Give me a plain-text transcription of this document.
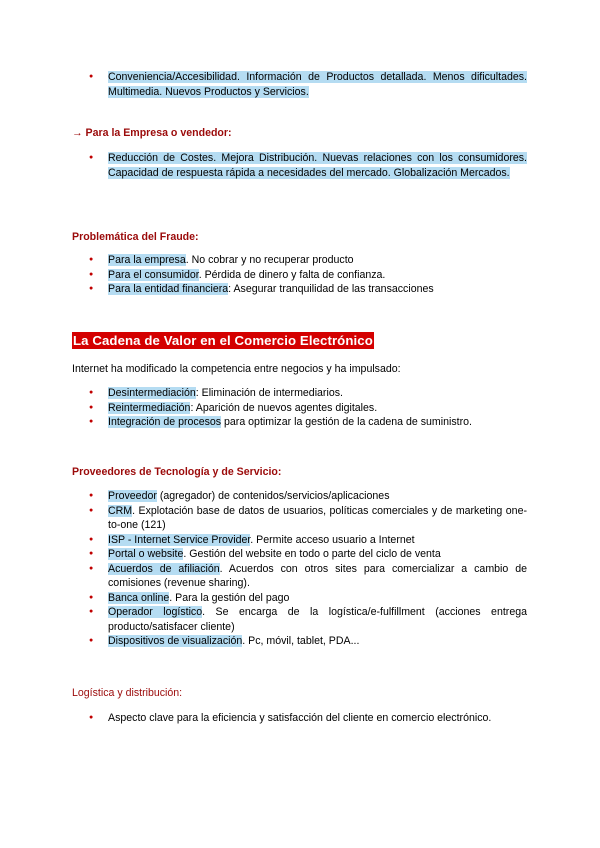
● Conveniencia/Accesibilidad. Información de Productos detallada. Menos dificultades. Multimedia. Nuevos Productos y Servicios.

→ Para la Empresa o vendedor:

● Reducción de Costes. Mejora Distribución. Nuevas relaciones con los consumidores. Capacidad de respuesta rápida a necesidades del mercado. Globalización Mercados.

Problemática del Fraude:

● Para la empresa. No cobrar y no recuperar producto
● Para el consumidor. Pérdida de dinero y falta de confianza.
● Para la entidad financiera: Asegurar tranquilidad de las transacciones
La Cadena de Valor en el Comercio Electrónico

Internet ha modificado la competencia entre negocios y ha impulsado:

● Desintermediación: Eliminación de intermediarios.
● Reintermediación: Aparición de nuevos agentes digitales.
● Integración de procesos para optimizar la gestión de la cadena de suministro.

Proveedores de Tecnología y de Servicio:

● Proveedor (agregador) de contenidos/servicios/aplicaciones
● CRM. Explotación base de datos de usuarios, políticas comerciales y de marketing one-to-one (121)
● ISP - Internet Service Provider. Permite acceso usuario a Internet
● Portal o website. Gestión del website en todo o parte del ciclo de venta
● Acuerdos de afiliación. Acuerdos con otros sites para comercializar a cambio de comisiones (revenue sharing).
● Banca online. Para la gestión del pago
● Operador logístico. Se encarga de la logística/e-fulfillment (acciones entrega producto/satisfacer cliente)
● Dispositivos de visualización. Pc, móvil, tablet, PDA...

Logística y distribución:

● Aspecto clave para la eficiencia y satisfacción del cliente en comercio electrónico.
